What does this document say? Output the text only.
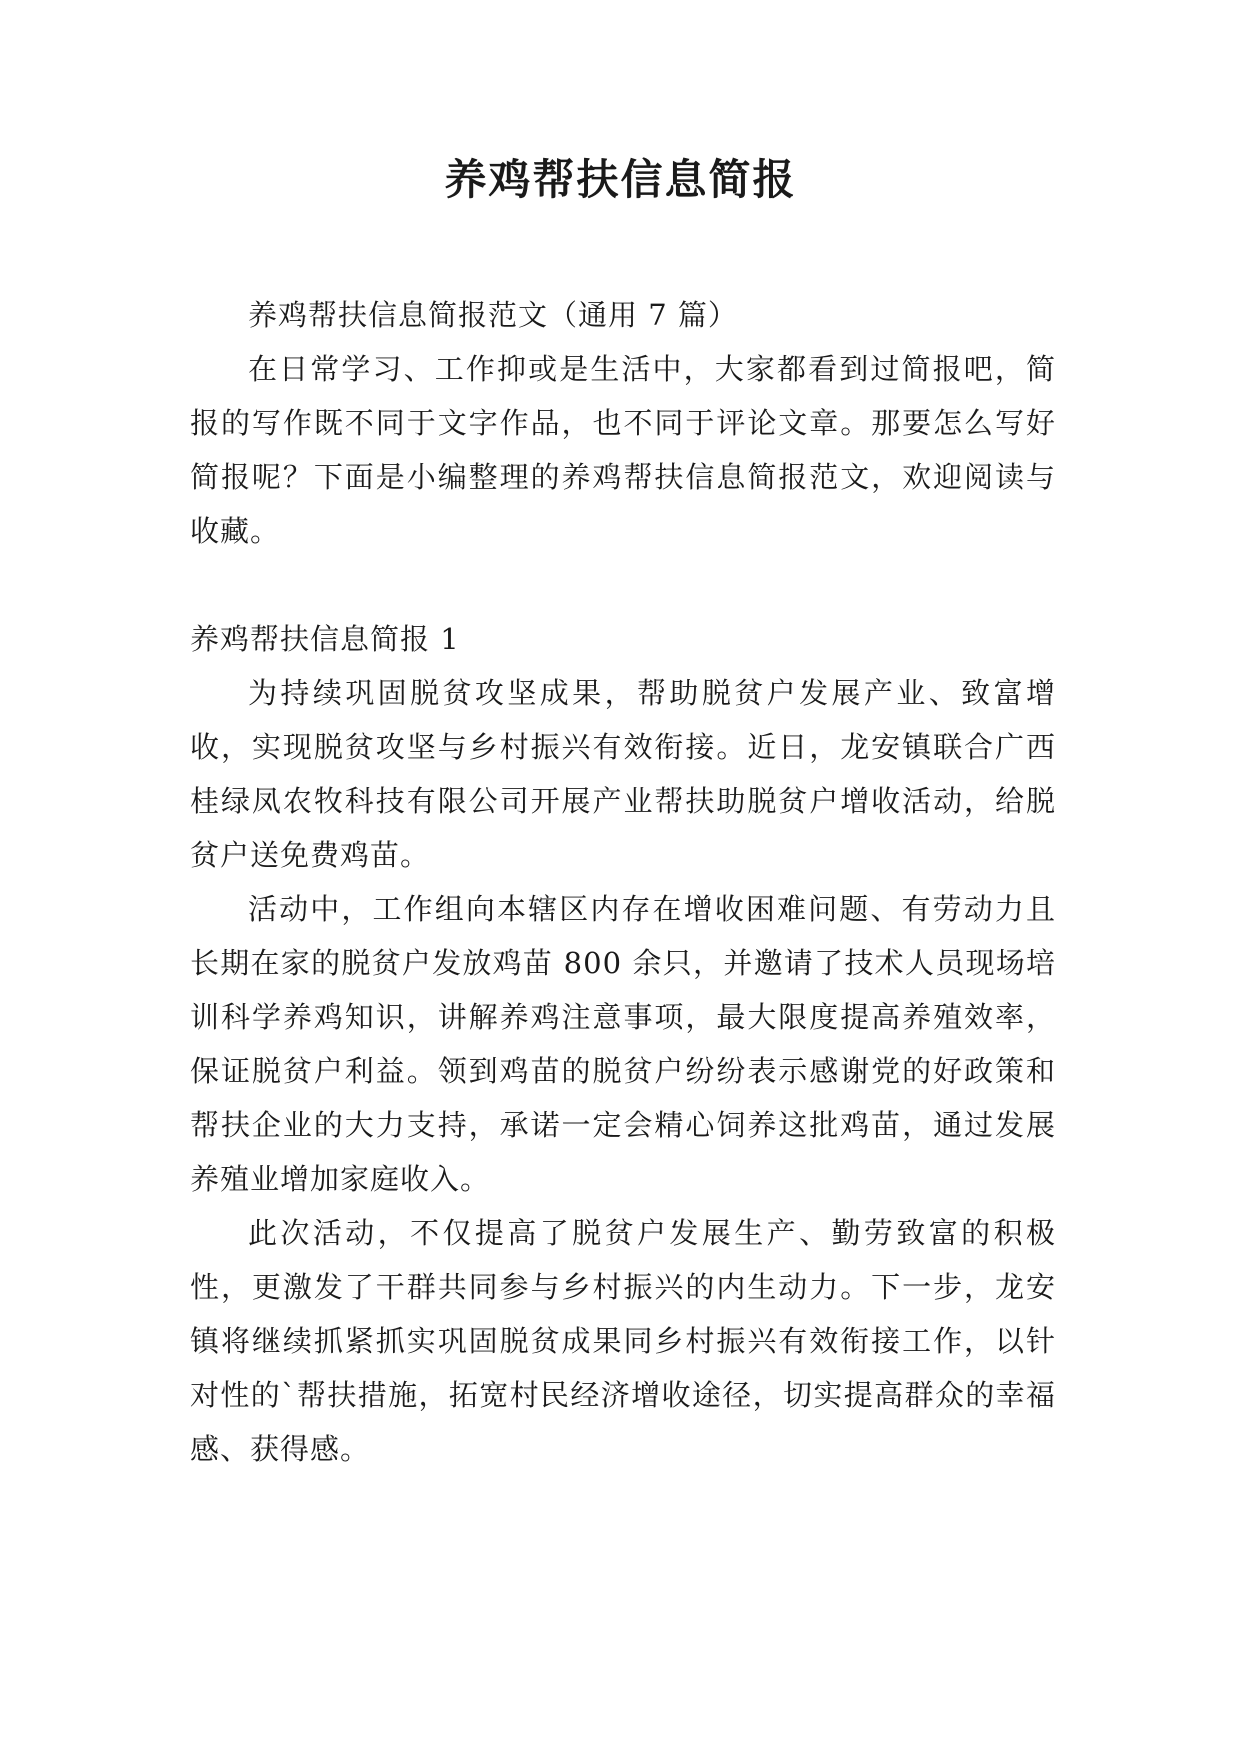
养鸡帮扶信息简报

养鸡帮扶信息简报范文（通用 7 篇）

在日常学习、工作抑或是生活中，大家都看到过简报吧，简报的写作既不同于文字作品，也不同于评论文章。那要怎么写好简报呢？下面是小编整理的养鸡帮扶信息简报范文，欢迎阅读与收藏。

养鸡帮扶信息简报 1

为持续巩固脱贫攻坚成果，帮助脱贫户发展产业、致富增收，实现脱贫攻坚与乡村振兴有效衔接。近日，龙安镇联合广西桂绿凤农牧科技有限公司开展产业帮扶助脱贫户增收活动，给脱贫户送免费鸡苗。

活动中，工作组向本辖区内存在增收困难问题、有劳动力且长期在家的脱贫户发放鸡苗 800 余只，并邀请了技术人员现场培训科学养鸡知识，讲解养鸡注意事项，最大限度提高养殖效率，保证脱贫户利益。领到鸡苗的脱贫户纷纷表示感谢党的好政策和帮扶企业的大力支持，承诺一定会精心饲养这批鸡苗，通过发展养殖业增加家庭收入。

此次活动，不仅提高了脱贫户发展生产、勤劳致富的积极性，更激发了干群共同参与乡村振兴的内生动力。下一步，龙安镇将继续抓紧抓实巩固脱贫成果同乡村振兴有效衔接工作，以针对性的`帮扶措施，拓宽村民经济增收途径，切实提高群众的幸福感、获得感。
